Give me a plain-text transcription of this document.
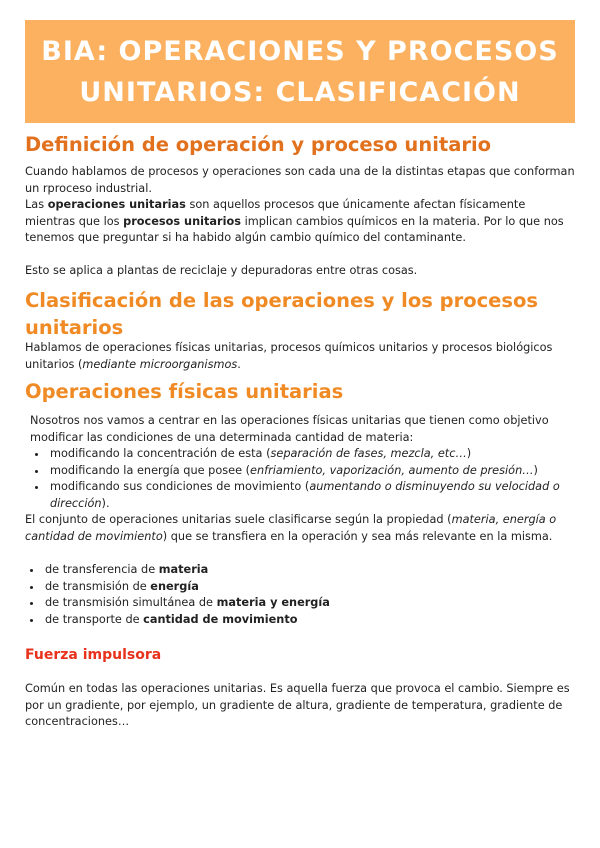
BIA: OPERACIONES Y PROCESOS UNITARIOS: CLASIFICACIÓN
Definición de operación y proceso unitario

Cuando hablamos de procesos y operaciones son cada una de la distintas etapas que conforman un rproceso industrial.

Las operaciones unitarias son aquellos procesos que únicamente afectan físicamente mientras que los procesos unitarios implican cambios químicos en la materia. Por lo que nos tenemos que preguntar si ha habido algún cambio químico del contaminante.

Esto se aplica a plantas de reciclaje y depuradoras entre otras cosas.

Clasificación de las operaciones y los procesos
unitarios

Hablamos de operaciones físicas unitarias, procesos químicos unitarios y procesos biológicos unitarios (mediante microorganismos.

Operaciones físicas unitarias

Nosotros nos vamos a centrar en las operaciones físicas unitarias que tienen como objetivo modificar las condiciones de una determinada cantidad de materia:

• modificando la concentración de esta (separación de fases, mezcla, etc…)
• modificando la energía que posee (enfriamiento, vaporización, aumento de presión…)
• modificando sus condiciones de movimiento (aumentando o disminuyendo su velocidad o dirección).

El conjunto de operaciones unitarias suele clasificarse según la propiedad (materia, energía o cantidad de movimiento) que se transfiera en la operación y sea más relevante en la misma.

• de transferencia de materia
• de transmisión de energía
• de transmisión simultánea de materia y energía
• de transporte de cantidad de movimiento
Fuerza impulsora

Común en todas las operaciones unitarias. Es aquella fuerza que provoca el cambio. Siempre es por un gradiente, por ejemplo, un gradiente de altura, gradiente de temperatura, gradiente de concentraciones…
